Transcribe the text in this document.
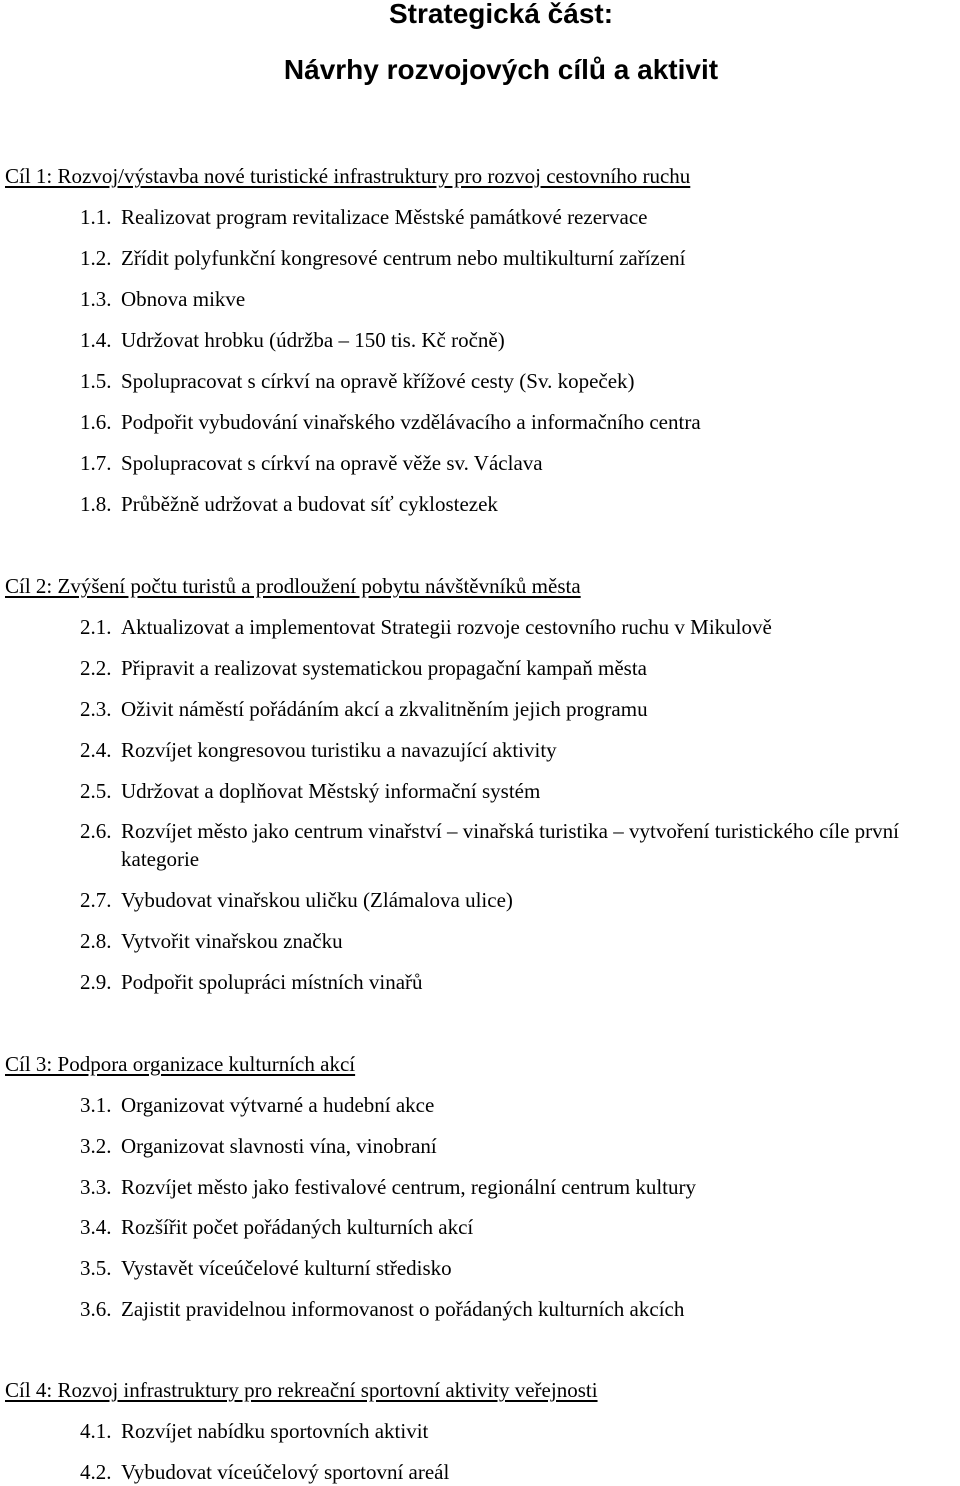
Strategická část:
Návrhy rozvojových cílů a aktivit
Cíl 1: Rozvoj/výstavba nové turistické infrastruktury pro rozvoj cestovního ruchu
1.1. Realizovat program revitalizace Městské památkové rezervace
1.2. Zřídit polyfunkční kongresové centrum nebo multikulturní zařízení
1.3. Obnova mikve
1.4. Udržovat hrobku (údržba – 150 tis. Kč ročně)
1.5. Spolupracovat s církví na opravě křížové cesty (Sv. kopeček)
1.6. Podpořit vybudování vinařského vzdělávacího a informačního centra
1.7. Spolupracovat s církví na opravě věže sv. Václava
1.8. Průběžně udržovat a budovat síť cyklostezek
Cíl 2: Zvýšení počtu turistů a prodloužení pobytu návštěvníků města
2.1. Aktualizovat a implementovat Strategii rozvoje cestovního ruchu v Mikulově
2.2. Připravit a realizovat systematickou propagační kampaň města
2.3. Oživit náměstí pořádáním akcí a zkvalitněním jejich programu
2.4. Rozvíjet kongresovou turistiku a navazující aktivity
2.5. Udržovat a doplňovat Městský informační systém
2.6. Rozvíjet město jako centrum vinařství – vinařská turistika – vytvoření turistického cíle první kategorie
2.7. Vybudovat vinařskou uličku (Zlámalova ulice)
2.8. Vytvořit vinařskou značku
2.9. Podpořit spolupráci místních vinařů
Cíl 3: Podpora organizace kulturních akcí
3.1. Organizovat výtvarné a hudební akce
3.2. Organizovat slavnosti vína, vinobraní
3.3. Rozvíjet město jako festivalové centrum, regionální centrum kultury
3.4. Rozšířit počet pořádaných kulturních akcí
3.5. Vystavět víceúčelové kulturní středisko
3.6. Zajistit pravidelnou informovanost o pořádaných kulturních akcích
Cíl 4: Rozvoj infrastruktury pro rekreační sportovní aktivity veřejnosti
4.1. Rozvíjet nabídku sportovních aktivit
4.2. Vybudovat víceúčelový sportovní areál
